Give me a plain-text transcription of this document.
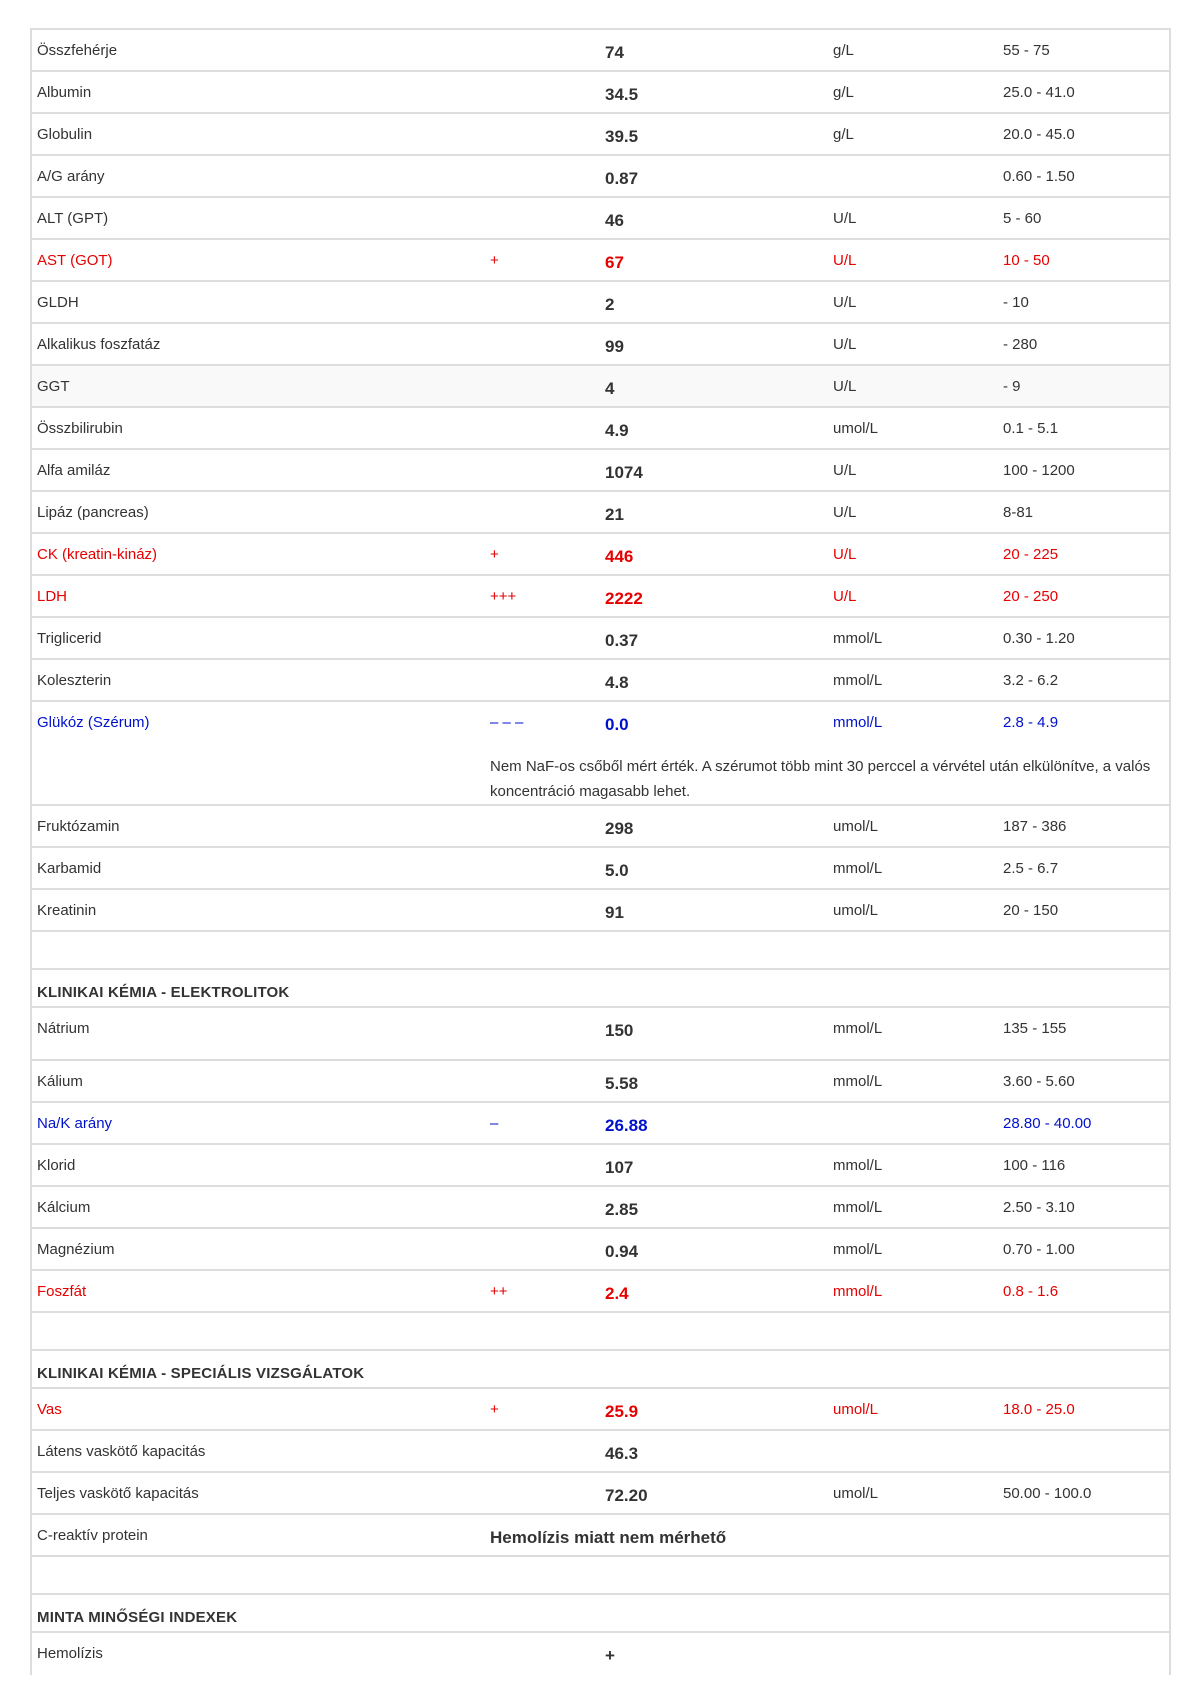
Összfehérje	74	g/L	55 - 75
Albumin	34.5	g/L	25.0 - 41.0
Globulin	39.5	g/L	20.0 - 45.0
A/G arány	0.87	0.60 - 1.50
ALT (GPT)	46	U/L	5 - 60
AST (GOT)	+	67	U/L	10 - 50
GLDH	2	U/L	- 10
Alkalikus foszfatáz	99	U/L	- 280
GGT	4	U/L	- 9
Összbilirubin	4.9	umol/L	0.1 - 5.1
Alfa amiláz	1074	U/L	100 - 1200
Lipáz (pancreas)	21	U/L	8-81
CK (kreatin-kináz)	+	446	U/L	20 - 225
LDH	+++	2222	U/L	20 - 250
Triglicerid	0.37	mmol/L	0.30 - 1.20
Koleszterin	4.8	mmol/L	3.2 - 6.2
Glükóz (Szérum)	– – –	0.0	mmol/L	2.8 - 4.9
Nem NaF-os csőből mért érték. A szérumot több mint 30 perccel a vérvétel után elkülönítve, a valós koncentráció magasabb lehet.
Fruktózamin	298	umol/L	187 - 386
Karbamid	5.0	mmol/L	2.5 - 6.7
Kreatinin	91	umol/L	20 - 150
KLINIKAI KÉMIA - ELEKTROLITOK
Nátrium	150	mmol/L	135 - 155
Kálium	5.58	mmol/L	3.60 - 5.60
Na/K arány	–	26.88	28.80 - 40.00
Klorid	107	mmol/L	100 - 116
Kálcium	2.85	mmol/L	2.50 - 3.10
Magnézium	0.94	mmol/L	0.70 - 1.00
Foszfát	++	2.4	mmol/L	0.8 - 1.6
KLINIKAI KÉMIA - SPECIÁLIS VIZSGÁLATOK
Vas	+	25.9	umol/L	18.0 - 25.0
Látens vaskötő kapacitás	46.3
Teljes vaskötő kapacitás	72.20	umol/L	50.00 - 100.0
C-reaktív protein	Hemolízis miatt nem mérhető
MINTA MINŐSÉGI INDEXEK
Hemolízis	+
